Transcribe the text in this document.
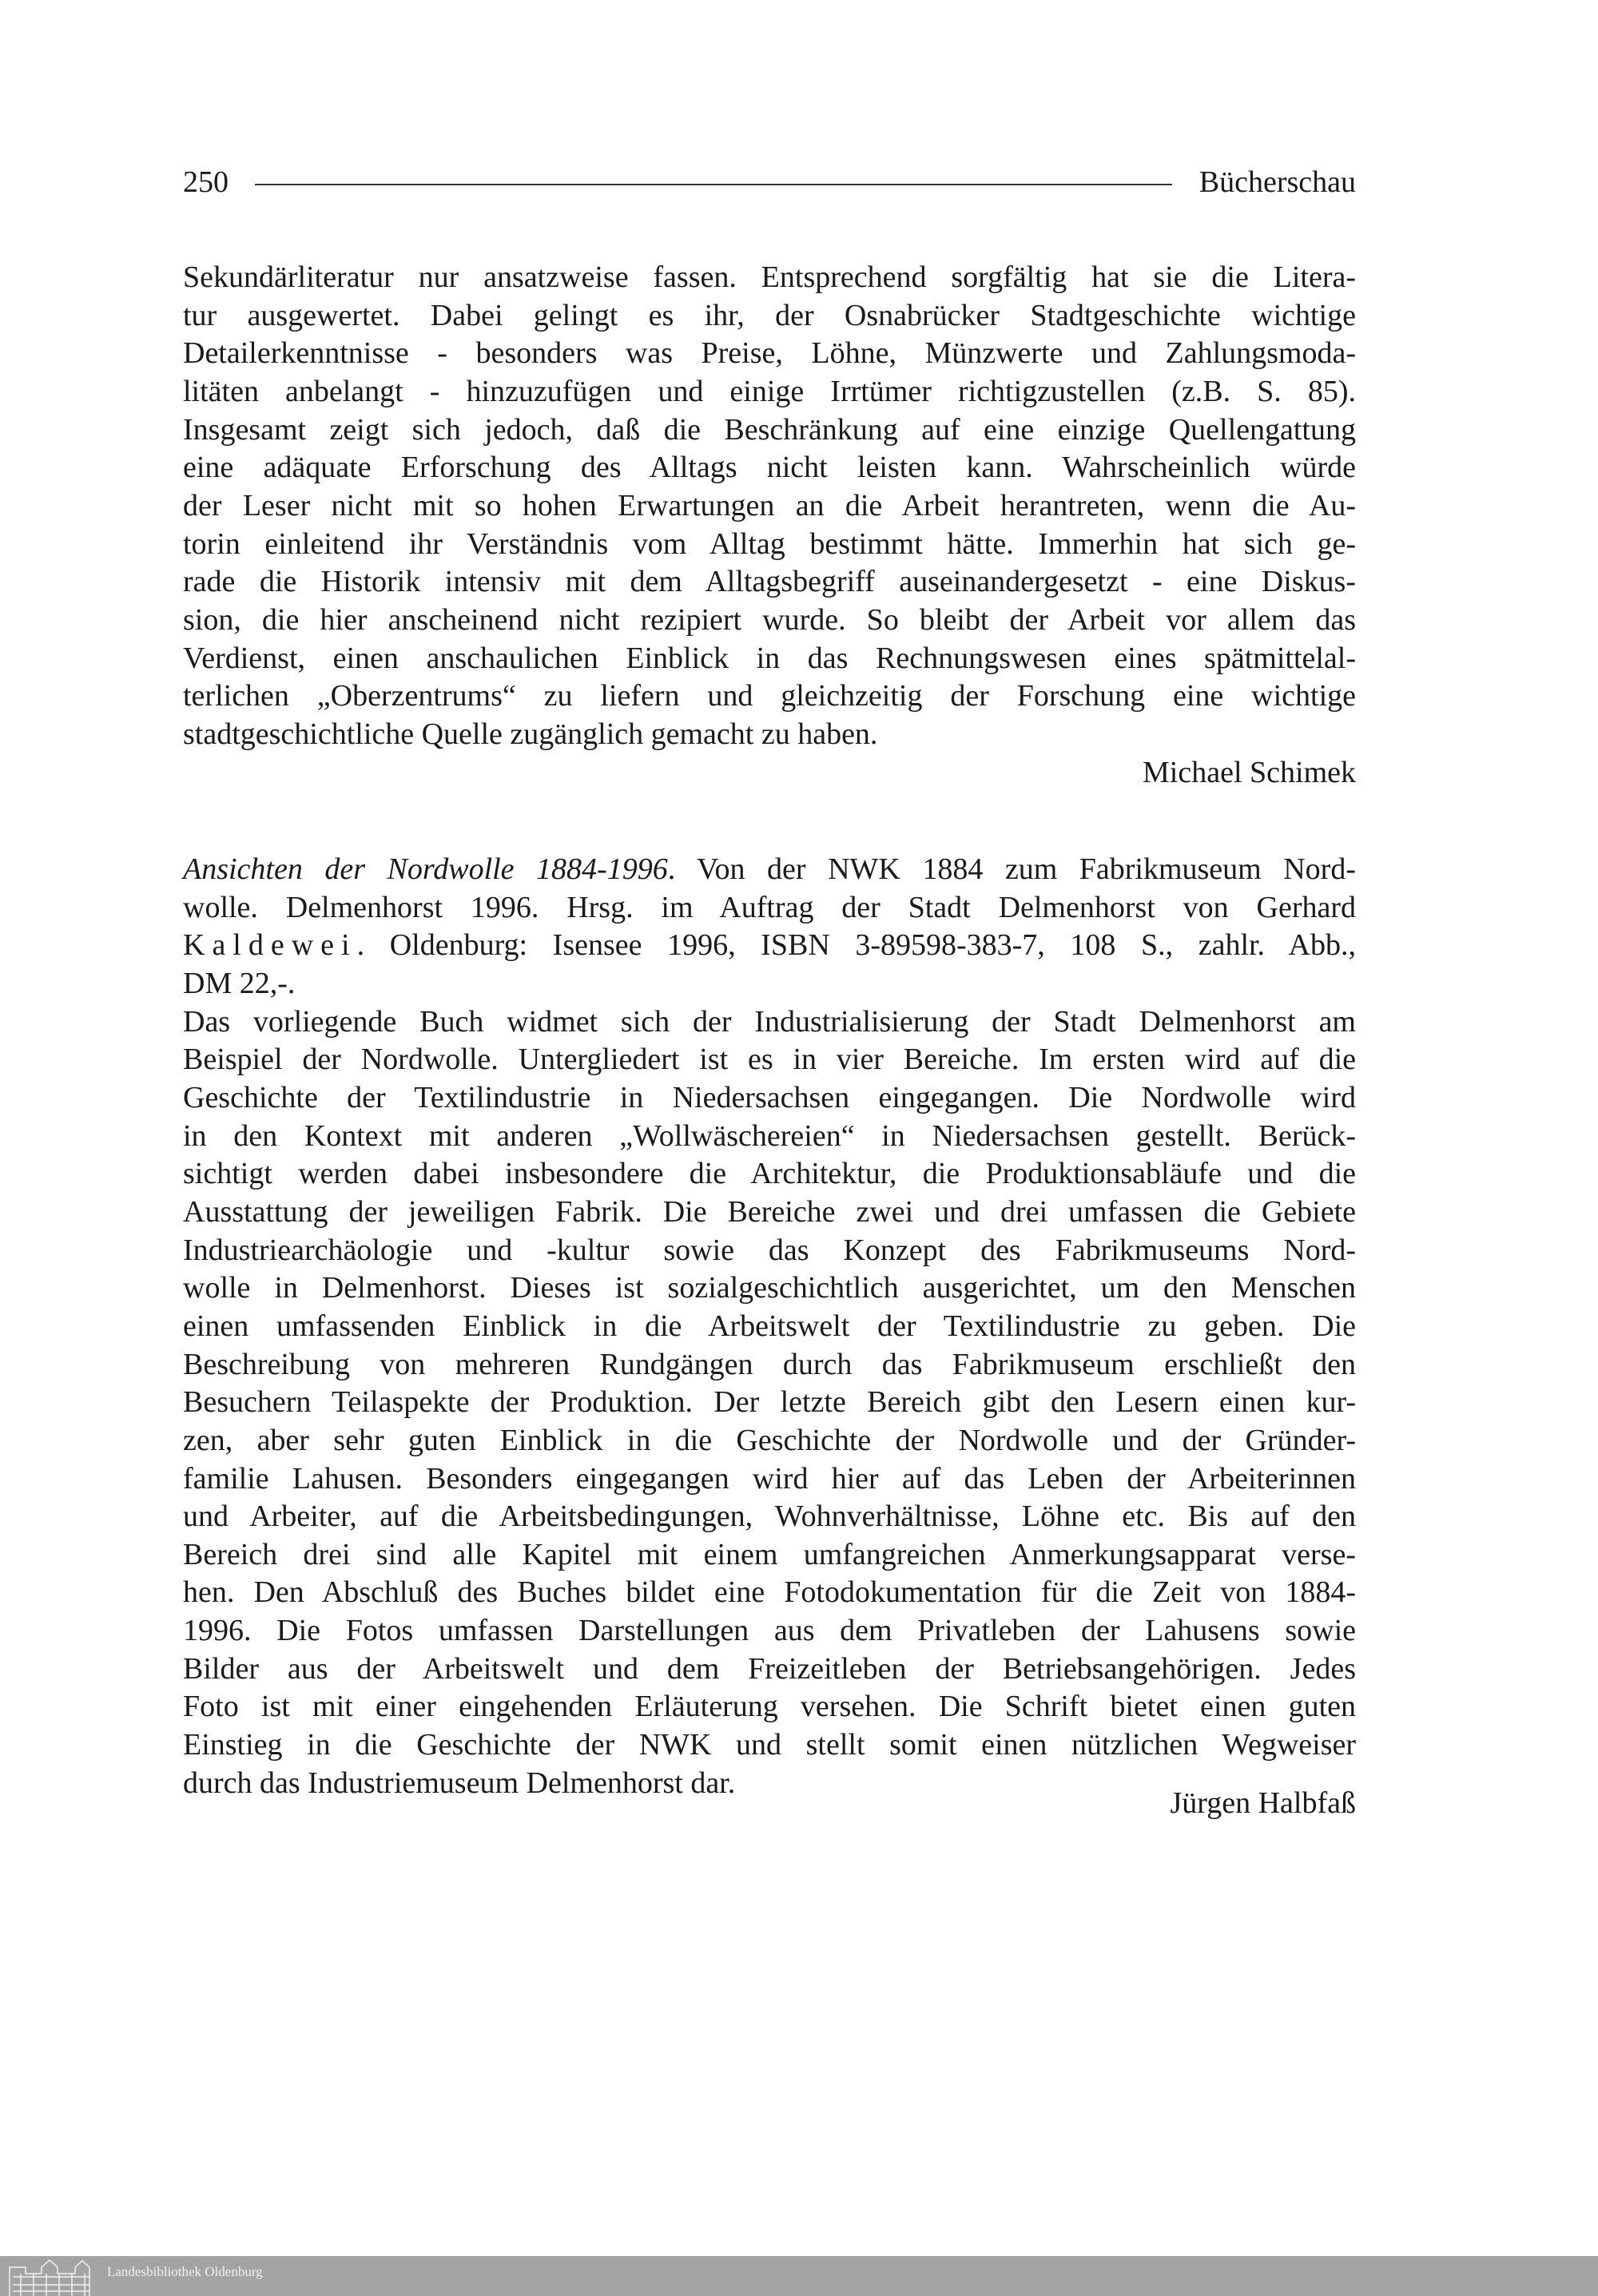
250	Bücherschau
Sekundärliteratur nur ansatzweise fassen. Entsprechend sorgfältig hat sie die Litera-
tur ausgewertet. Dabei gelingt es ihr, der Osnabrücker Stadtgeschichte wichtige
Detailerkenntnisse - besonders was Preise, Löhne, Münzwerte und Zahlungsmoda-
litäten anbelangt - hinzuzufügen und einige Irrtümer richtigzustellen (z.B. S. 85).
Insgesamt zeigt sich jedoch, daß die Beschränkung auf eine einzige Quellengattung
eine adäquate Erforschung des Alltags nicht leisten kann. Wahrscheinlich würde
der Leser nicht mit so hohen Erwartungen an die Arbeit herantreten, wenn die Au-
torin einleitend ihr Verständnis vom Alltag bestimmt hätte. Immerhin hat sich ge-
rade die Historik intensiv mit dem Alltagsbegriff auseinandergesetzt - eine Diskus-
sion, die hier anscheinend nicht rezipiert wurde. So bleibt der Arbeit vor allem das
Verdienst, einen anschaulichen Einblick in das Rechnungswesen eines spätmittelal-
terlichen „Oberzentrums“ zu liefern und gleichzeitig der Forschung eine wichtige
stadtgeschichtliche Quelle zugänglich gemacht zu haben.
Michael Schimek
Ansichten der Nordwolle 1884-1996. Von der NWK 1884 zum Fabrikmuseum Nord-
wolle. Delmenhorst 1996. Hrsg. im Auftrag der Stadt Delmenhorst von Gerhard
Kaldewei. Oldenburg: Isensee 1996, ISBN 3-89598-383-7, 108 S., zahlr. Abb.,
DM 22,-.
Das vorliegende Buch widmet sich der Industrialisierung der Stadt Delmenhorst am
Beispiel der Nordwolle. Untergliedert ist es in vier Bereiche. Im ersten wird auf die
Geschichte der Textilindustrie in Niedersachsen eingegangen. Die Nordwolle wird
in den Kontext mit anderen „Wollwäschereien“ in Niedersachsen gestellt. Berück-
sichtigt werden dabei insbesondere die Architektur, die Produktionsabläufe und die
Ausstattung der jeweiligen Fabrik. Die Bereiche zwei und drei umfassen die Gebiete
Industriearchäologie und -kultur sowie das Konzept des Fabrikmuseums Nord-
wolle in Delmenhorst. Dieses ist sozialgeschichtlich ausgerichtet, um den Menschen
einen umfassenden Einblick in die Arbeitswelt der Textilindustrie zu geben. Die
Beschreibung von mehreren Rundgängen durch das Fabrikmuseum erschließt den
Besuchern Teilaspekte der Produktion. Der letzte Bereich gibt den Lesern einen kur-
zen, aber sehr guten Einblick in die Geschichte der Nordwolle und der Gründer-
familie Lahusen. Besonders eingegangen wird hier auf das Leben der Arbeiterinnen
und Arbeiter, auf die Arbeitsbedingungen, Wohnverhältnisse, Löhne etc. Bis auf den
Bereich drei sind alle Kapitel mit einem umfangreichen Anmerkungsapparat verse-
hen. Den Abschluß des Buches bildet eine Fotodokumentation für die Zeit von 1884-
1996. Die Fotos umfassen Darstellungen aus dem Privatleben der Lahusens sowie
Bilder aus der Arbeitswelt und dem Freizeitleben der Betriebsangehörigen. Jedes
Foto ist mit einer eingehenden Erläuterung versehen. Die Schrift bietet einen guten
Einstieg in die Geschichte der NWK und stellt somit einen nützlichen Wegweiser
durch das Industriemuseum Delmenhorst dar.
Jürgen Halbfaß
Landesbibliothek Oldenburg
